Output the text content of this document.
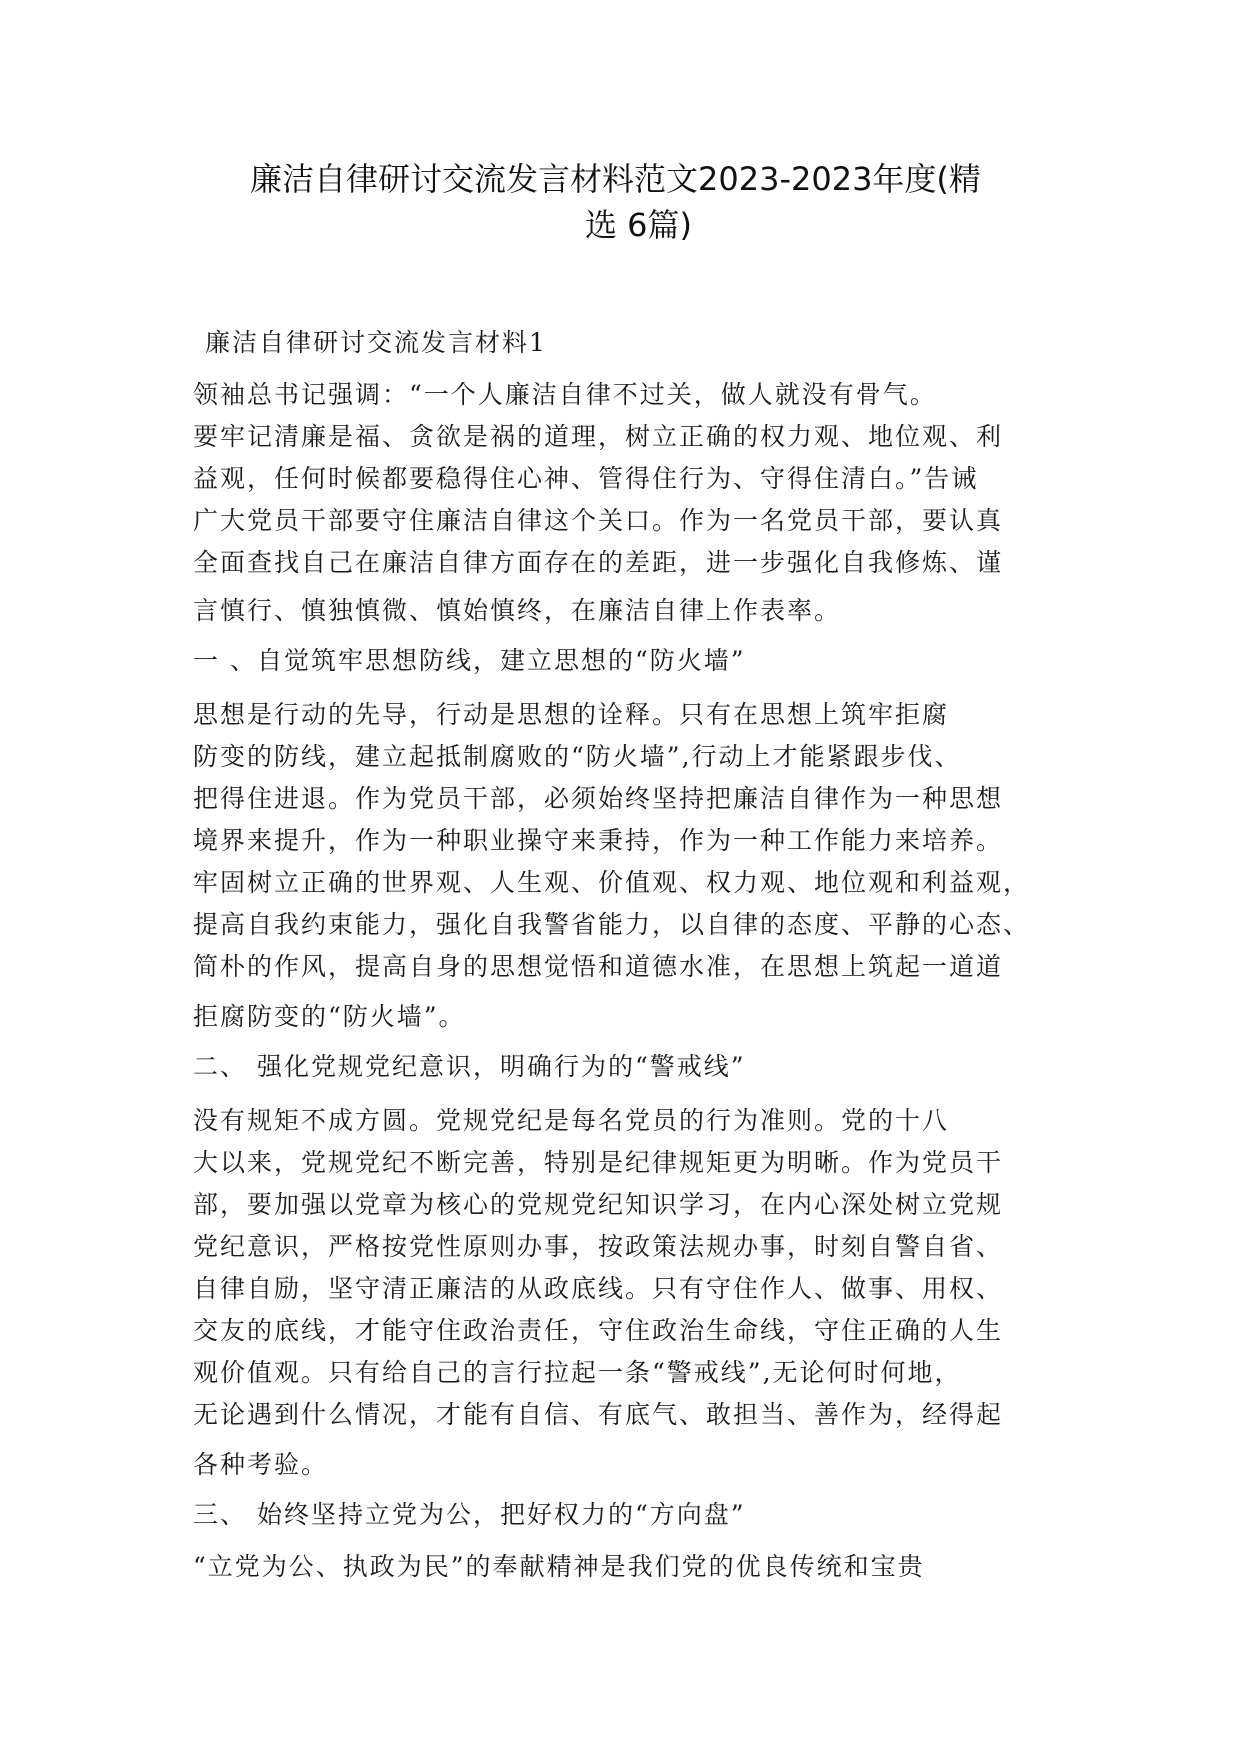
廉洁自律研讨交流发言材料范文2023-2023年度(精
选 6篇)
廉洁自律研讨交流发言材料1
领袖总书记强调：“一个人廉洁自律不过关，做人就没有骨气。
要牢记清廉是福、贪欲是祸的道理，树立正确的权力观、地位观、利
益观，任何时候都要稳得住心神、管得住行为、守得住清白。”告诫
广大党员干部要守住廉洁自律这个关口。作为一名党员干部，要认真
全面查找自己在廉洁自律方面存在的差距，进一步强化自我修炼、谨
言慎行、慎独慎微、慎始慎终，在廉洁自律上作表率。
一 、自觉筑牢思想防线，建立思想的“防火墙”
思想是行动的先导，行动是思想的诠释。只有在思想上筑牢拒腐
防变的防线，建立起抵制腐败的“防火墙”,行动上才能紧跟步伐、
把得住进退。作为党员干部，必须始终坚持把廉洁自律作为一种思想
境界来提升，作为一种职业操守来秉持，作为一种工作能力来培养。
牢固树立正确的世界观、人生观、价值观、权力观、地位观和利益观，
提高自我约束能力，强化自我警省能力，以自律的态度、平静的心态、
简朴的作风，提高自身的思想觉悟和道德水准，在思想上筑起一道道
拒腐防变的“防火墙”。
二、 强化党规党纪意识，明确行为的“警戒线”
没有规矩不成方圆。党规党纪是每名党员的行为准则。党的十八
大以来，党规党纪不断完善，特别是纪律规矩更为明晰。作为党员干
部，要加强以党章为核心的党规党纪知识学习，在内心深处树立党规
党纪意识，严格按党性原则办事，按政策法规办事，时刻自警自省、
自律自励，坚守清正廉洁的从政底线。只有守住作人、做事、用权、
交友的底线，才能守住政治责任，守住政治生命线，守住正确的人生
观价值观。只有给自己的言行拉起一条“警戒线”,无论何时何地，
无论遇到什么情况，才能有自信、有底气、敢担当、善作为，经得起
各种考验。
三、 始终坚持立党为公，把好权力的“方向盘”
“立党为公、执政为民”的奉献精神是我们党的优良传统和宝贵
